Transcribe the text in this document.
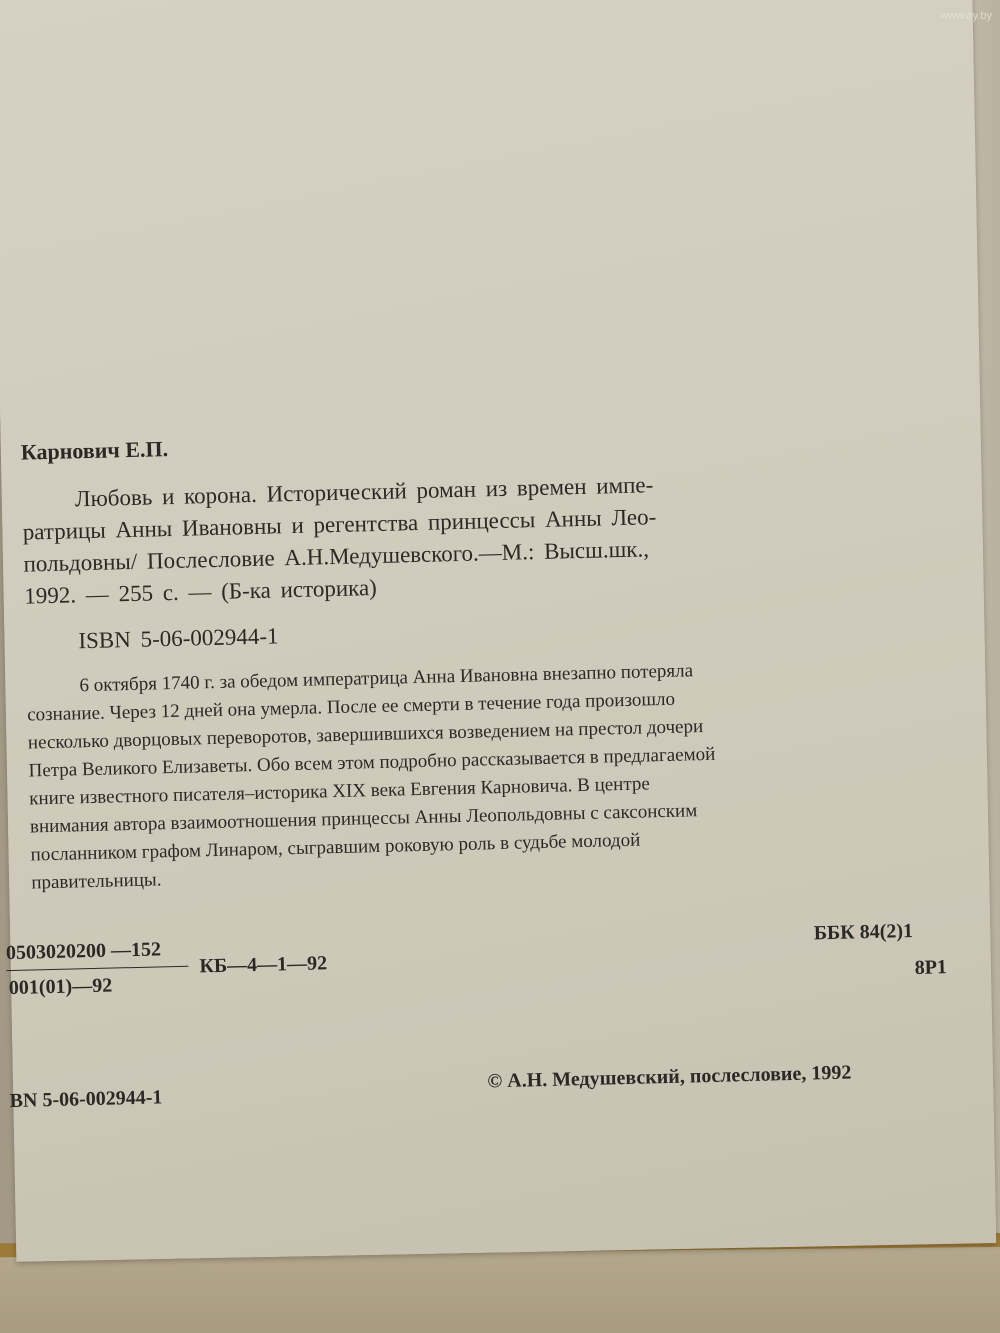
Карнович Е.П.
Любовь и корона. Исторический роман из времен импе-
ратрицы Анны Ивановны и регентства принцессы Анны Лео-
польдовны/ Послесловие А.Н.Медушевского.—М.: Высш.шк.,
1992. — 255 с. — (Б-ка историка)
ISBN 5-06-002944-1
6 октября 1740 г. за обедом императрица Анна Ивановна внезапно потеряла
сознание. Через 12 дней она умерла. После ее смерти в течение года произошло
несколько дворцовых переворотов, завершившихся возведением на престол дочери
Петра Великого Елизаветы. Обо всем этом подробно рассказывается в предлагаемой
книге известного писателя–историка XIX века Евгения Карновича. В центре
внимания автора взаимоотношения принцессы Анны Леопольдовны с саксонским
посланником графом Линаром, сыгравшим роковую роль в судьбе молодой
правительницы.
0503020200 —152
001(01)—92
КБ—4—1—92
ББК 84(2)1
8Р1
BN 5-06-002944-1
© А.Н. Медушевский, послесловие, 1992
www.ay.by
